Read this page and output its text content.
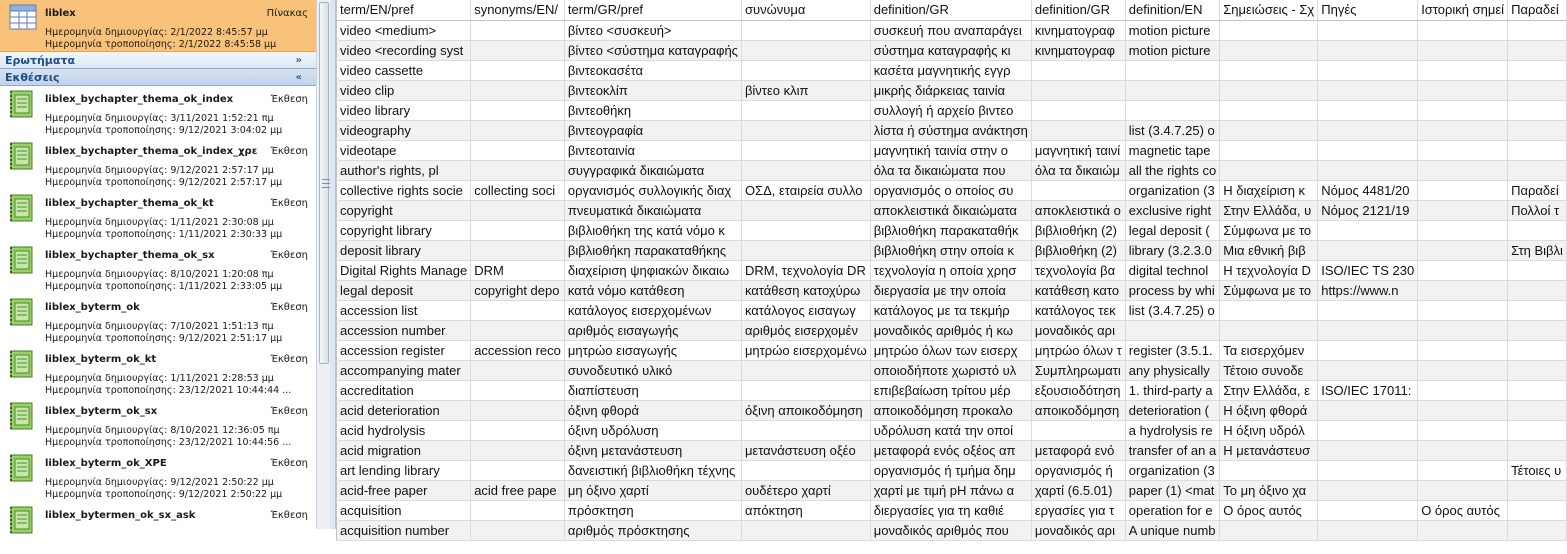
liblex	Πίνακας
Ημερομηνία δημιουργίας: 2/1/2022 8:45:57 μμ
Ημερομηνία τροποποίησης: 2/1/2022 8:45:58 μμ
Ερωτήματα	»
Εκθέσεις	«
liblex_bychapter_thema_ok_index	Έκθεση
Ημερομηνία δημιουργίας: 3/11/2021 1:52:21 πμ
Ημερομηνία τροποποίησης: 9/12/2021 3:04:02 μμ
liblex_bychapter_thema_ok_index_χρε Έκθεση
Ημερομηνία δημιουργίας: 9/12/2021 2:57:17 μμ
Ημερομηνία τροποποίησης: 9/12/2021 2:57:17 μμ
liblex_bychapter_thema_ok_kt	Έκθεση
Ημερομηνία δημιουργίας: 1/11/2021 2:30:08 μμ
Ημερομηνία τροποποίησης: 1/11/2021 2:30:33 μμ
liblex_bychapter_thema_ok_sx	Έκθεση
Ημερομηνία δημιουργίας: 8/10/2021 1:20:08 πμ
Ημερομηνία τροποποίησης: 1/11/2021 2:33:05 μμ
liblex_byterm_ok	Έκθεση
Ημερομηνία δημιουργίας: 7/10/2021 1:51:13 πμ
Ημερομηνία τροποποίησης: 9/12/2021 2:51:17 μμ
liblex_byterm_ok_kt	Έκθεση
Ημερομηνία δημιουργίας: 1/11/2021 2:28:53 μμ
Ημερομηνία τροποποίησης: 23/12/2021 10:44:44 ...
liblex_byterm_ok_sx	Έκθεση
Ημερομηνία δημιουργίας: 8/10/2021 12:36:05 πμ
Ημερομηνία τροποποίησης: 23/12/2021 10:44:56 ...
liblex_byterm_ok_XPE	Έκθεση
Ημερομηνία δημιουργίας: 9/12/2021 2:50:22 μμ
Ημερομηνία τροποποίησης: 9/12/2021 2:50:22 μμ
liblex_bytermen_ok_sx_ask	Έκθεση
	term/EN/pref	synonyms/EN/	term/GR/pref	συνώνυμα	definition/GR	definition/GR	definition/EN	Σημειώσεις - Σχ	Πηγές	Ιστορική σημεί	Παραδεί
	video <medium>		βίντεο <συσκευή>		συσκευή που αναπαράγει	κινηματογραφ	motion picture				
	video <recording syst		βίντεο <σύστημα καταγραφής		σύστημα καταγραφής κι	κινηματογραφ	motion picture				
	video cassette		βιντεοκασέτα		κασέτα μαγνητικής εγγρ						
	video clip		βιντεοκλίπ	βίντεο κλιπ	μικρής διάρκειας ταινία						
	video library		βιντεοθήκη		συλλογή ή αρχείο βιντεο						
	videography		βιντεογραφία		λίστα ή σύστημα ανάκτηση		list (3.4.7.25) o				
	videotape		βιντεοταινία		μαγνητική ταινία στην ο	μαγνητική ταινί	magnetic tape				
	author's rights, pl		συγγραφικά δικαιώματα		όλα τα δικαιώματα που	όλα τα δικαιώμ	all the rights co				
	collective rights socie	collecting soci	οργανισμός συλλογικής διαχ	ΟΣΔ, εταιρεία συλλο	οργανισμός ο οποίος συ		organization (3	Η διαχείριση κ	Νόμος 4481/20		Παραδεί
	copyright		πνευματικά δικαιώματα		αποκλειστικά δικαιώματα	αποκλειστικά ο	exclusive right	Στην Ελλάδα, υ	Νόμος 2121/19		Πολλοί τ
	copyright library		βιβλιοθήκη της κατά νόμο κ		βιβλιοθήκη παρακαταθήκ	βιβλιοθήκη (2)	legal deposit (	Σύμφωνα με το			
	deposit library		βιβλιοθήκη παρακαταθήκης		βιβλιοθήκη στην οποία κ	βιβλιοθήκη (2)	library (3.2.3.0	Μια εθνική βιβ			Στη Βιβλι
	Digital Rights Manage	DRM	διαχείριση ψηφιακών δικαιω	DRM, τεχνολογία DR	τεχνολογία η οποία χρησ	τεχνολογία βα	digital technol	Η τεχνολογία D	ISO/IEC TS 230		
	legal deposit	copyright depo	κατά νόμο κατάθεση	κατάθεση κατοχύρω	διεργασία με την οποία	κατάθεση κατο	process by whi	Σύμφωνα με το	https://www.n		
	accession list		κατάλογος εισερχομένων	κατάλογος εισαγωγ	κατάλογος με τα τεκμήρ	κατάλογος τεκ	list (3.4.7.25) o				
	accession number		αριθμός εισαγωγής	αριθμός εισερχομέν	μοναδικός αριθμός ή κω	μοναδικός αρι					
	accession register	accession reco	μητρώο εισαγωγής	μητρώο εισερχομένω	μητρώο όλων των εισερχ	μητρώο όλων τ	register (3.5.1.	Τα εισερχόμεν			
	accompanying mater		συνοδευτικό υλικό		οποιοδήποτε χωριστό υλ	Συμπληρωματι	any physically	Τέτοιο συνοδε			
	accreditation		διαπίστευση		επιβεβαίωση τρίτου μέρ	εξουσιοδότηση	1. third-party a	Στην Ελλάδα, ε	ISO/IEC 17011:		
	acid deterioration		όξινη φθορά	όξινη αποικοδόμηση	αποικοδόμηση προκαλο	αποικοδόμηση	deterioration (	Η όξινη φθορά			
	acid hydrolysis		όξινη υδρόλυση		υδρόλυση κατά την οποί		a hydrolysis re	Η όξινη υδρόλ			
	acid migration		όξινη μετανάστευση	μετανάστευση οξέο	μεταφορά ενός οξέος απ	μεταφορά ενό	transfer of an a	Η μετανάστευσ			
	art lending library		δανειστική βιβλιοθήκη τέχνης		οργανισμός ή τμήμα δημ	οργανισμός ή	organization (3				Τέτοιες υ
	acid-free paper	acid free pape	μη όξινο χαρτί	ουδέτερο χαρτί	χαρτί με τιμή pH πάνω α	χαρτί (6.5.01)	paper (1) <mat	Το μη όξινο χα			
	acquisition		πρόσκτηση	απόκτηση	διεργασίες για τη καθιέ	εργασίες για τ	operation for e	Ο όρος αυτός		Ο όρος αυτός	
	acquisition number		αριθμός πρόσκτησης		μοναδικός αριθμός που	μοναδικός αρι	A unique numb				
